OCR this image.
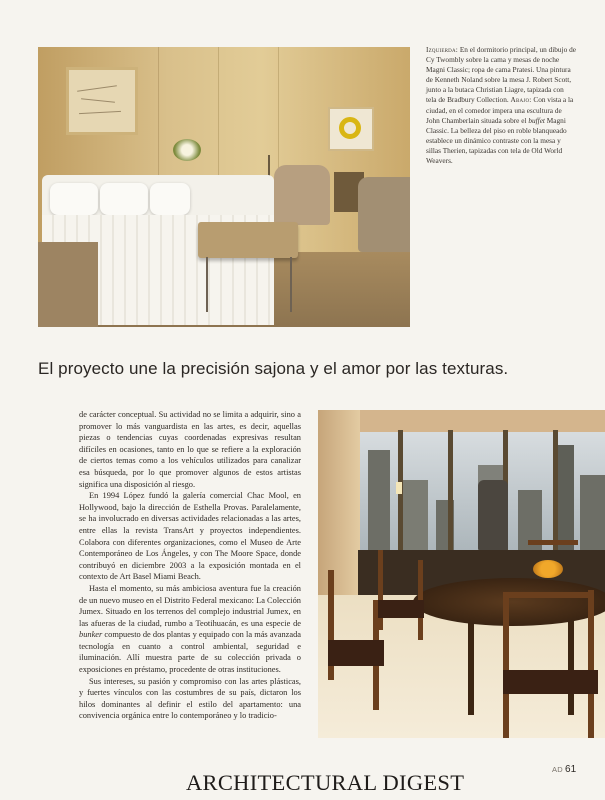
Izquierda: En el dormitorio principal, un dibujo de Cy Twombly sobre la cama y mesas de noche Magni Classic; ropa de cama Pratesi. Una pintura de Kenneth Noland sobre la mesa J. Robert Scott, junto a la butaca Christian Liagre, tapizada con tela de Bradbury Collection. Abajo: Con vista a la ciudad, en el comedor impera una escultura de John Chamberlain situada sobre el buffet Magni Classic. La belleza del piso en roble blanqueado establece un dinámico contraste con la mesa y sillas Therien, tapizadas con tela de Old World Weavers.
El proyecto une la precisión sajona y el amor por las texturas.

de carácter conceptual. Su actividad no se limita a adquirir, sino a promover lo más vanguardista en las artes, es decir, aquellas piezas o tendencias cuyas coordenadas expresivas resultan difíciles en ocasiones, tanto en lo que se refiere a la exploración de ciertos temas como a los vehículos utilizados para canalizar esa búsqueda, por lo que promover algunos de estos artistas significa una disposición al riesgo.

En 1994 López fundó la galería comercial Chac Mool, en Hollywood, bajo la dirección de Esthella Provas. Paralelamente, se ha involucrado en diversas actividades relacionadas a las artes, entre ellas la revista TransArt y proyectos independientes. Colabora con diferentes organizaciones, como el Museo de Arte Contemporáneo de Los Ángeles, y con The Moore Space, donde contribuyó en diciembre 2003 a la exposición montada en el contexto de Art Basel Miami Beach.

Hasta el momento, su más ambiciosa aventura fue la creación de un nuevo museo en el Distrito Federal mexicano: La Colección Jumex. Situado en los terrenos del complejo industrial Jumex, en las afueras de la ciudad, rumbo a Teotihuacán, es una especie de bunker compuesto de dos plantas y equipado con la más avanzada tecnología en cuanto a control ambiental, seguridad e iluminación. Allí muestra parte de su colección privada o exposiciones en préstamo, procedente de otras instituciones.

Sus intereses, su pasión y compromiso con las artes plásticas, y fuertes vínculos con las costumbres de su país, dictaron los hilos dominantes al definir el estilo del apartamento: una convivencia orgánica entre lo contemporáneo y lo tradicio-

ARCHITECTURAL DIGEST
AD 61
